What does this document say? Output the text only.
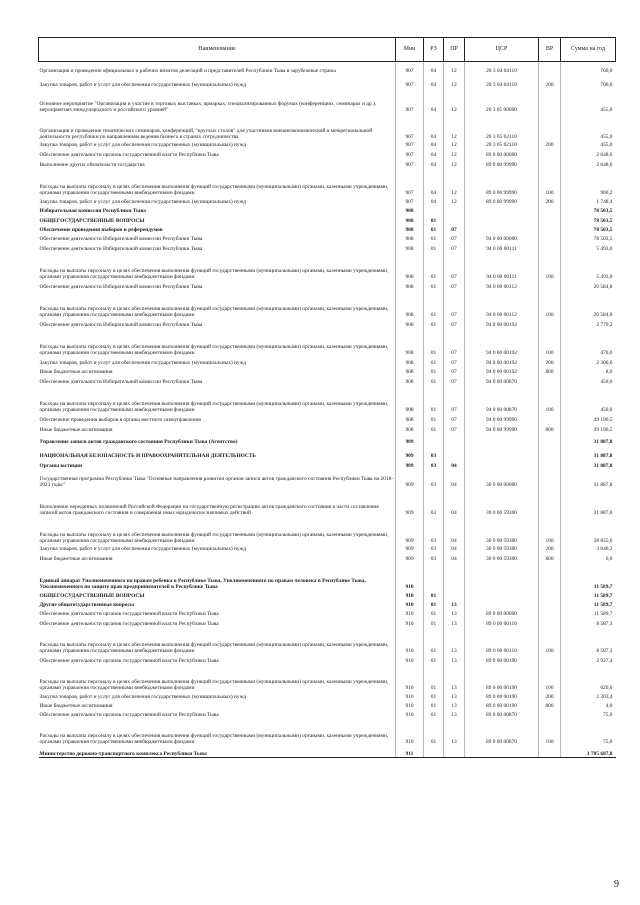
Наименование	Мин	РЗ	ПР	ЦСР	ВР	Сумма на год
Организация и проведение официальных и рабочих визитов делегаций и представителей Республики Тыва в зарубежные страны	907	04	12	20 3 04 04110		700,0
Закупка товаров, работ и услуг для обеспечения государственных (муниципальных) нужд	907	04	12	20 3 04 04110	200	700,0
Основное мероприятие "Организация и участие в торговых выставках, ярмарках, специализированных форумах (конференциях, семинарах и др.), мероприятиях международного и российского уровней"	907	04	12	20 3 05 00000		455,0
Организация и проведение тематических семинаров, конференций, "круглых столов" для участников внешнеэкономической и межрегиональной деятельности республики по направлениям ведения бизнеса в странах сотрудничества	907	04	12	20 3 05 02110		455,0
Закупка товаров, работ и услуг для обеспечения государственных (муниципальных) нужд	907	04	12	20 3 05 02110	200	455,0
Обеспечение деятельности органов государственной власти Республики Тыва	907	04	12	89 0 00 00000		2 648,6
Выполнение других обязательств государства	907	04	12	89 0 00 99990		2 648,6
Расходы на выплаты персоналу в целях обеспечения выполнения функций государственными (муниципальными) органами, казенными учреждениями, органами управления государственными внебюджетными фондами	907	04	12	89 0 00 99990	100	900,2
Закупка товаров, работ и услуг для обеспечения государственных (муниципальных) нужд	907	04	12	89 0 00 99990	200	1 748,4
Избирательная комиссия Республики Тыва	908					78 503,5
ОБЩЕГОСУДАРСТВЕННЫЕ ВОПРОСЫ	908	01				78 503,5
Обеспечение проведения выборов и референдумов	908	01	07			78 503,5
Обеспечение деятельности Избирательной комиссии Республики Тыва	908	01	07	94 0 00 00000		78 503,5
Обеспечение деятельности Избирательной комиссии Республики Тыва	908	01	07	94 0 00 00111		5 493,0
Расходы на выплаты персоналу в целях обеспечения выполнения функций государственными (муниципальными) органами, казенными учреждениями, органами управления государственными внебюджетными фондами	908	01	07	94 0 00 00111	100	5 493,0
Обеспечение деятельности Избирательной комиссии Республики Тыва	908	01	07	94 0 00 00112		20 584,8
Расходы на выплаты персоналу в целях обеспечения выполнения функций государственными (муниципальными) органами, казенными учреждениями, органами управления государственными внебюджетными фондами	908	01	07	94 0 00 00112	100	20 584,8
Обеспечение деятельности Избирательной комиссии Республики Тыва	908	01	07	94 0 00 00192		2 779,2
Расходы на выплаты персоналу в целях обеспечения выполнения функций государственными (муниципальными) органами, казенными учреждениями, органами управления государственными внебюджетными фондами	908	01	07	94 0 00 00192	100	470,0
Закупка товаров, работ и услуг для обеспечения государственных (муниципальных) нужд	908	01	07	94 0 00 00192	200	2 300,6
Иные бюджетные ассигнования	908	01	07	94 0 00 00192	800	8,6
Обеспечение деятельности Избирательной комиссии Республики Тыва	908	01	07	94 0 00 00870		450,0
Расходы на выплаты персоналу в целях обеспечения выполнения функций государственными (муниципальными) органами, казенными учреждениями, органами управления государственными внебюджетными фондами	908	01	07	94 0 00 00870	100	450,0
Обеспечение проведения выборов в органы местного самоуправления	908	01	07	94 0 00 99990		49 196,5
Иные бюджетные ассигнования	908	01	07	94 0 00 99990	800	49 196,5
Управление записи актов гражданского состояния Республики Тыва (Агентство)	909					31 887,8
НАЦИОНАЛЬНАЯ БЕЗОПАСНОСТЬ И ПРАВООХРАНИТЕЛЬНАЯ ДЕЯТЕЛЬНОСТЬ	909	03				31 887,8
Органы юстиции	909	03	04			31 887,8
Государственная программа Республики Тыва "Основные направления развития органов записи актов гражданского состояния Республики Тыва на 2018-2023 годы"	909	03	04	30 0 00 00000		31 887,8
Выполнение переданных полномочий Российской Федерации на государственную регистрацию актов гражданского состояния в части составления записей актов гражданского состояния и совершения иных юридически значимых действий	909	03	04	30 0 00 59300		31 887,8
Расходы на выплаты персоналу в целях обеспечения выполнения функций государственными (муниципальными) органами, казенными учреждениями, органами управления государственными внебюджетными фондами	909	03	04	30 0 00 59300	100	28 835,6
Закупка товаров, работ и услуг для обеспечения государственных (муниципальных) нужд	909	03	04	30 0 00 59300	200	3 046,2
Иные бюджетные ассигнования	909	03	04	30 0 00 59300	800	6,0
Единый аппарат Уполномоченного по правам ребенка в Республике Тыва, Уполномоченного по правам человека в Республике Тыва, Уполномоченного по защите прав предпринимателей в Республике Тыва	910					11 589,7
ОБЩЕГОСУДАРСТВЕННЫЕ ВОПРОСЫ	910	01				11 589,7
Другие общегосударственные вопросы	910	01	13			11 589,7
Обеспечение деятельности органов государственной власти Республики Тыва	910	01	13	89 0 00 00000		11 589,7
Обеспечение деятельности органов государственной власти Республики Тыва	910	01	13	89 0 00 00110		8 587,3
Расходы на выплаты персоналу в целях обеспечения выполнения функций государственными (муниципальными) органами, казенными учреждениями, органами управления государственными внебюджетными фондами	910	01	13	89 0 00 00110	100	8 587,3
Обеспечение деятельности органов государственной власти Республики Тыва	910	01	13	89 0 00 00190		2 927,4
Расходы на выплаты персоналу в целях обеспечения выполнения функций государственными (муниципальными) органами, казенными учреждениями, органами управления государственными внебюджетными фондами	910	01	13	89 0 00 00190	100	620,0
Закупка товаров, работ и услуг для обеспечения государственных (муниципальных) нужд	910	01	13	89 0 00 00190	200	2 303,4
Иные бюджетные ассигнования	910	01	13	89 0 00 00190	800	4,0
Обеспечение деятельности органов государственной власти Республики Тыва	910	01	13	89 0 00 00870		75,0
Расходы на выплаты персоналу в целях обеспечения выполнения функций государственными (муниципальными) органами, казенными учреждениями, органами управления государственными внебюджетными фондами	910	01	13	89 0 00 00870	100	75,0
Министерство дорожно-транспортного комплекса Республики Тыва	911					1 785 687,8
9
